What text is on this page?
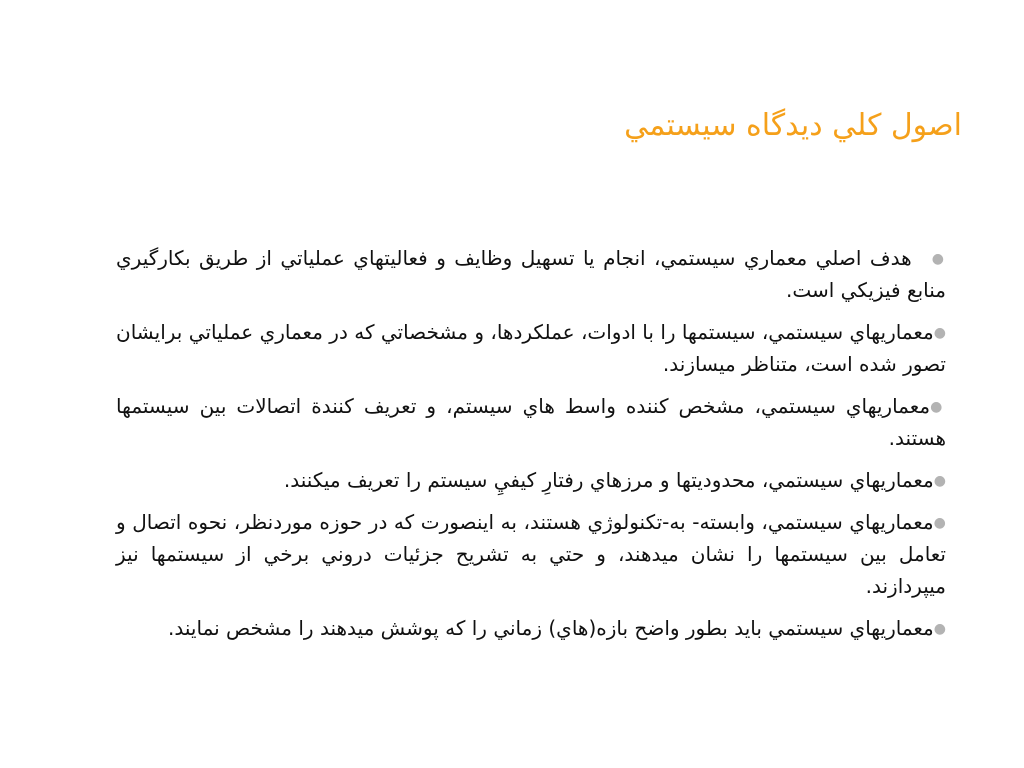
اصول كلي ديدگاه سيستمي
●هدف اصلي معماري سيستمي، انجام يا تسهيل وظايف و فعاليتهاي عملياتي از طريق بكارگيري منابع فيزيكي است.
●معماريهاي سيستمي، سيستمها را با ادوات، عملكردها، و مشخصاتي كه در معماري عملياتي برايشان تصور شده است، متناظر ميسازند.
●معماريهاي سيستمي، مشخص كننده واسط هاي سيستم، و تعريف كنندة اتصالات بين سيستمها هستند.
●معماريهاي سيستمي، محدوديتها و مرزهاي رفتارِ كيفيِ سيستم را تعريف ميكنند.
●معماريهاي سيستمي، وابسته- به-تكنولوژي هستند، به اينصورت كه در حوزه موردنظر، نحوه اتصال و تعامل بين سيستمها را نشان ميدهند، و حتي به تشريح جزئيات دروني برخي از سيستمها نيز ميپردازند.
●معماريهاي سيستمي بايد بطور واضح بازه(هاي) زماني را كه پوشش ميدهند را مشخص نمايند.
